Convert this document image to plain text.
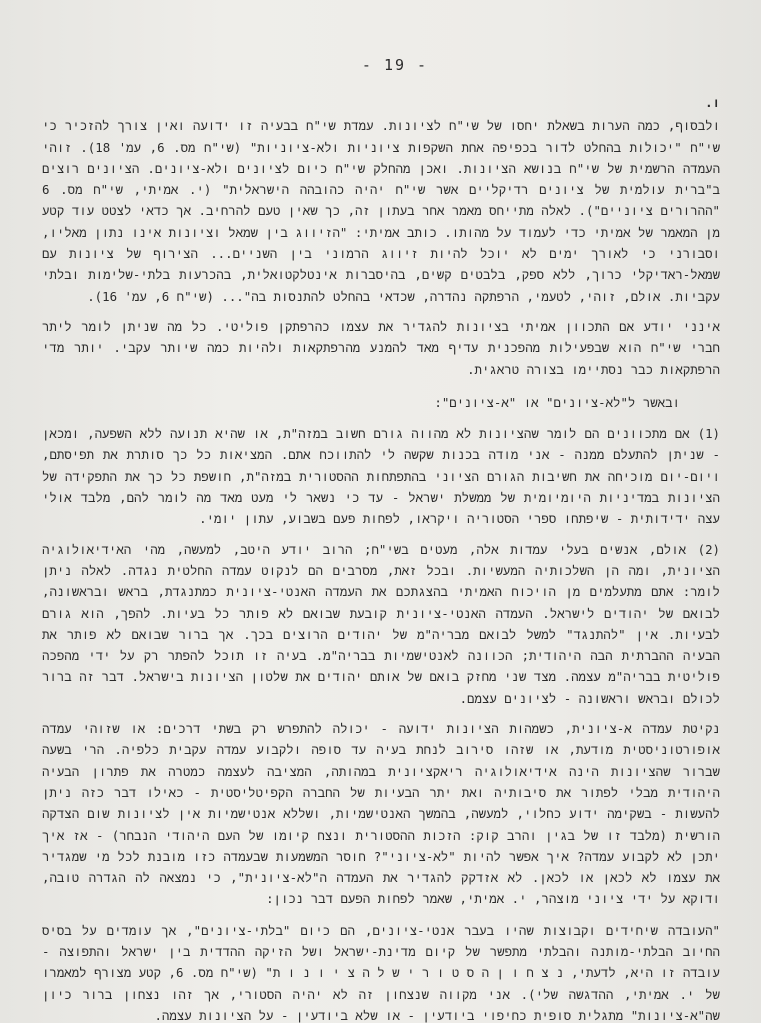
- 19 -
ו.

ולבסוף, כמה הערות בשאלת יחסו של שי"ח לציונות. עמדת שי"ח בבעיה זו ידועה ואין צורך להזכיר כי שי"ח "יכולות בהחלט לדור בכפיפה אחת השקפות ציוניות ולא-ציוניות" (שי"ח מס. 6, עמ' 18). זוהי העמדה הרשמית של שי"ח בנושא הציונות. ואכן מהחלק שי"ח כיום לציונים ולא-ציונים. הציונים רוצים ב"ברית עולמית של ציונים רדיקליים אשר שי"ח יהיה כהובהה הישראלית" (י. אמיתי, שי"ח מס. 6 "ההרורים ציוניים"). לאלה מתייחס מאמר אחר בעתון זה, כך שאין טעם להרחיב. אך כדאי לצטט עוד קטע מן המאמר של אמיתי כדי לעמוד על מהותו. כותב אמיתי: "הזיווג בין שמאל וציונות אינו נתון מאליו, וסבורני כי לאורך ימים לא יוכל להיות זיווג הרמוני בין השניים... הצירוף של ציונות עם שמאל-ראדיקלי כרוך, ללא ספק, בלבטים קשים, בהיסברות אינטלקטואלית, בהכרעות בלתי-שלימות ובלתי עקביות. אולם, זוהי, לטעמי, הרפתקה נהדרה, שכדאי בהחלט להתנסות בה"... (שי"ח 6, עמ' 16).

אינני יודע אם התכוון אמיתי בציונות להגדיר את עצמו כהרפתקן פוליטי. כל מה שניתן לומר ליתר חברי שי"ח הוא שבפעילות מהפכנית עדיף מאד להמנע מהרפתקאות ולהיות כמה שיותר עקבי. יותר מדי הרפתקאות כבר נסתיימו בצורה טראגית.

ובאשר ל"לא-ציונים" או "א-ציונים":

(1) אם מתכוונים הם לומר שהציונות לא מהווה גורם חשוב במזה"ת, או שהיא תנועה ללא השפעה, ומכאן - שניתן להתעלם ממנה - אני מודה בכנות שקשה לי להתווכח אתם. המציאות כל כך סותרת את תפיסתם, ויום-יום מוכיחה את חשיבות הגורם הציוני בהתפתחות ההסטורית במזה"ת, חושפת כל כך את התפקידה של הציונות במדיניות היומיומית של ממשלת ישראל - עד כי נשאר לי מעט מאד מה לומר להם, מלבד אולי עצה ידידותית - שיפתחו ספרי הסטוריה ויקראו, לפחות פעם בשבוע, עתון יומי.

(2) אולם, אנשים בעלי עמדות אלה, מעטים בשי"ח; הרוב יודע היטב, למעשה, מהי האידיאולוגיה הציונית, ומה הן השלכותיה המעשיות. ובכל זאת, מסרבים הם לנקוט עמדה החלטית נגדה. לאלה ניתן לומר: אתם מתעלמים מן הויכוח האמיתי בהצגתכם את העמדה האנטי-ציונית כמתנגדת, בראש ובראשונה, לבואם של יהודים לישראל. העמדה האנטי-ציונית קובעת שבואם לא פותר כל בעיות. להפך, הוא גורם לבעיות. אין "להתנגד" למשל לבואם מבריה"מ של יהודים הרוצים בכך. אך ברור שבואם לא פותר את הבעיה ההברתית הבה היהודית; הכוונה לאנטישמיות בבריה"מ. בעיה זו תוכל להפתר רק על ידי מהפכה פוליטית בבריה"מ עצמה. מצד שני מחזק בואם של אותם יהודים את שלטון הציונות בישראל. דבר זה ברור לכולם ובראש וראשונה - לציונים עצמם.

נקיטת עמדה א-ציונית, כשמהות הציונות ידועה - יכולה להתפרש רק בשתי דרכים: או שזוהי עמדה אופורטוניסטית מודעת, או שזהו סירוב לנחת בעיה עד סופה ולקבוע עמדה עקבית כלפיה. הרי בשעה שברור שהציונות הינה אידיאולוגיה ריאקציונית במהותה, המציבה לעצמה כמטרה את פתרון הבעיה היהודית מבלי לפתור את סיבותיה ואת יתר הבעיות של החברה הקפיטליסטית - כאילו דבר כזה ניתן להעשות - בשקימה ידוע כחלוי, למעשה, בהמשך האנטישמיות, ושללא אנטישמיות אין לציונות שום הצדקה הורשית (מלבד זו של בגין והרב קוק: הזכות ההסטורית ונצח קיומו של העם היהודי הנבחר) - אז איך יתכן לא לקבוע עמדה? איך אפשר להיות "לא-ציוני"? חוסר המשמעות שבעמדה כזו מובנת לכל מי שמגדיר את עצמו לא לכאן או לכאן. לא אזדקק להגדיר את העמדה ה"לא-ציונית", כי נמצאה לה הגדרה טובה, ודוקא על ידי ציוני מוצהר, י. אמיתי, שאמר לפחות הפעם דבר נכון:

"העובדה שיחידים וקבוצות שהיו בעבר אנטי-ציונים, הם כיום "בלתי-ציונים", אך עומדים על בסיס החיוב הבלתי-מותנה והבלתי מתפשר של קיום מדינת-ישראל ושל הזיקה ההדדית בין ישראל והתפוצה - עובדה זו היא, לדעתי, נ צ ח ו ן ה ס ט ו ר י ש ל ה צ י ו נ ו ת" (שי"ח מס. 6, קטע מצורף למאמרו של י. אמיתי, ההדגשה שלי). אני מקווה שנצחון זה לא יהיה הסטורי, אך זהו נצחון ברור כיון שה"א-ציונות" מתגלית סופית כחיפוי ביודעין - או שלא ביודעין - על הציונות עצמה.
